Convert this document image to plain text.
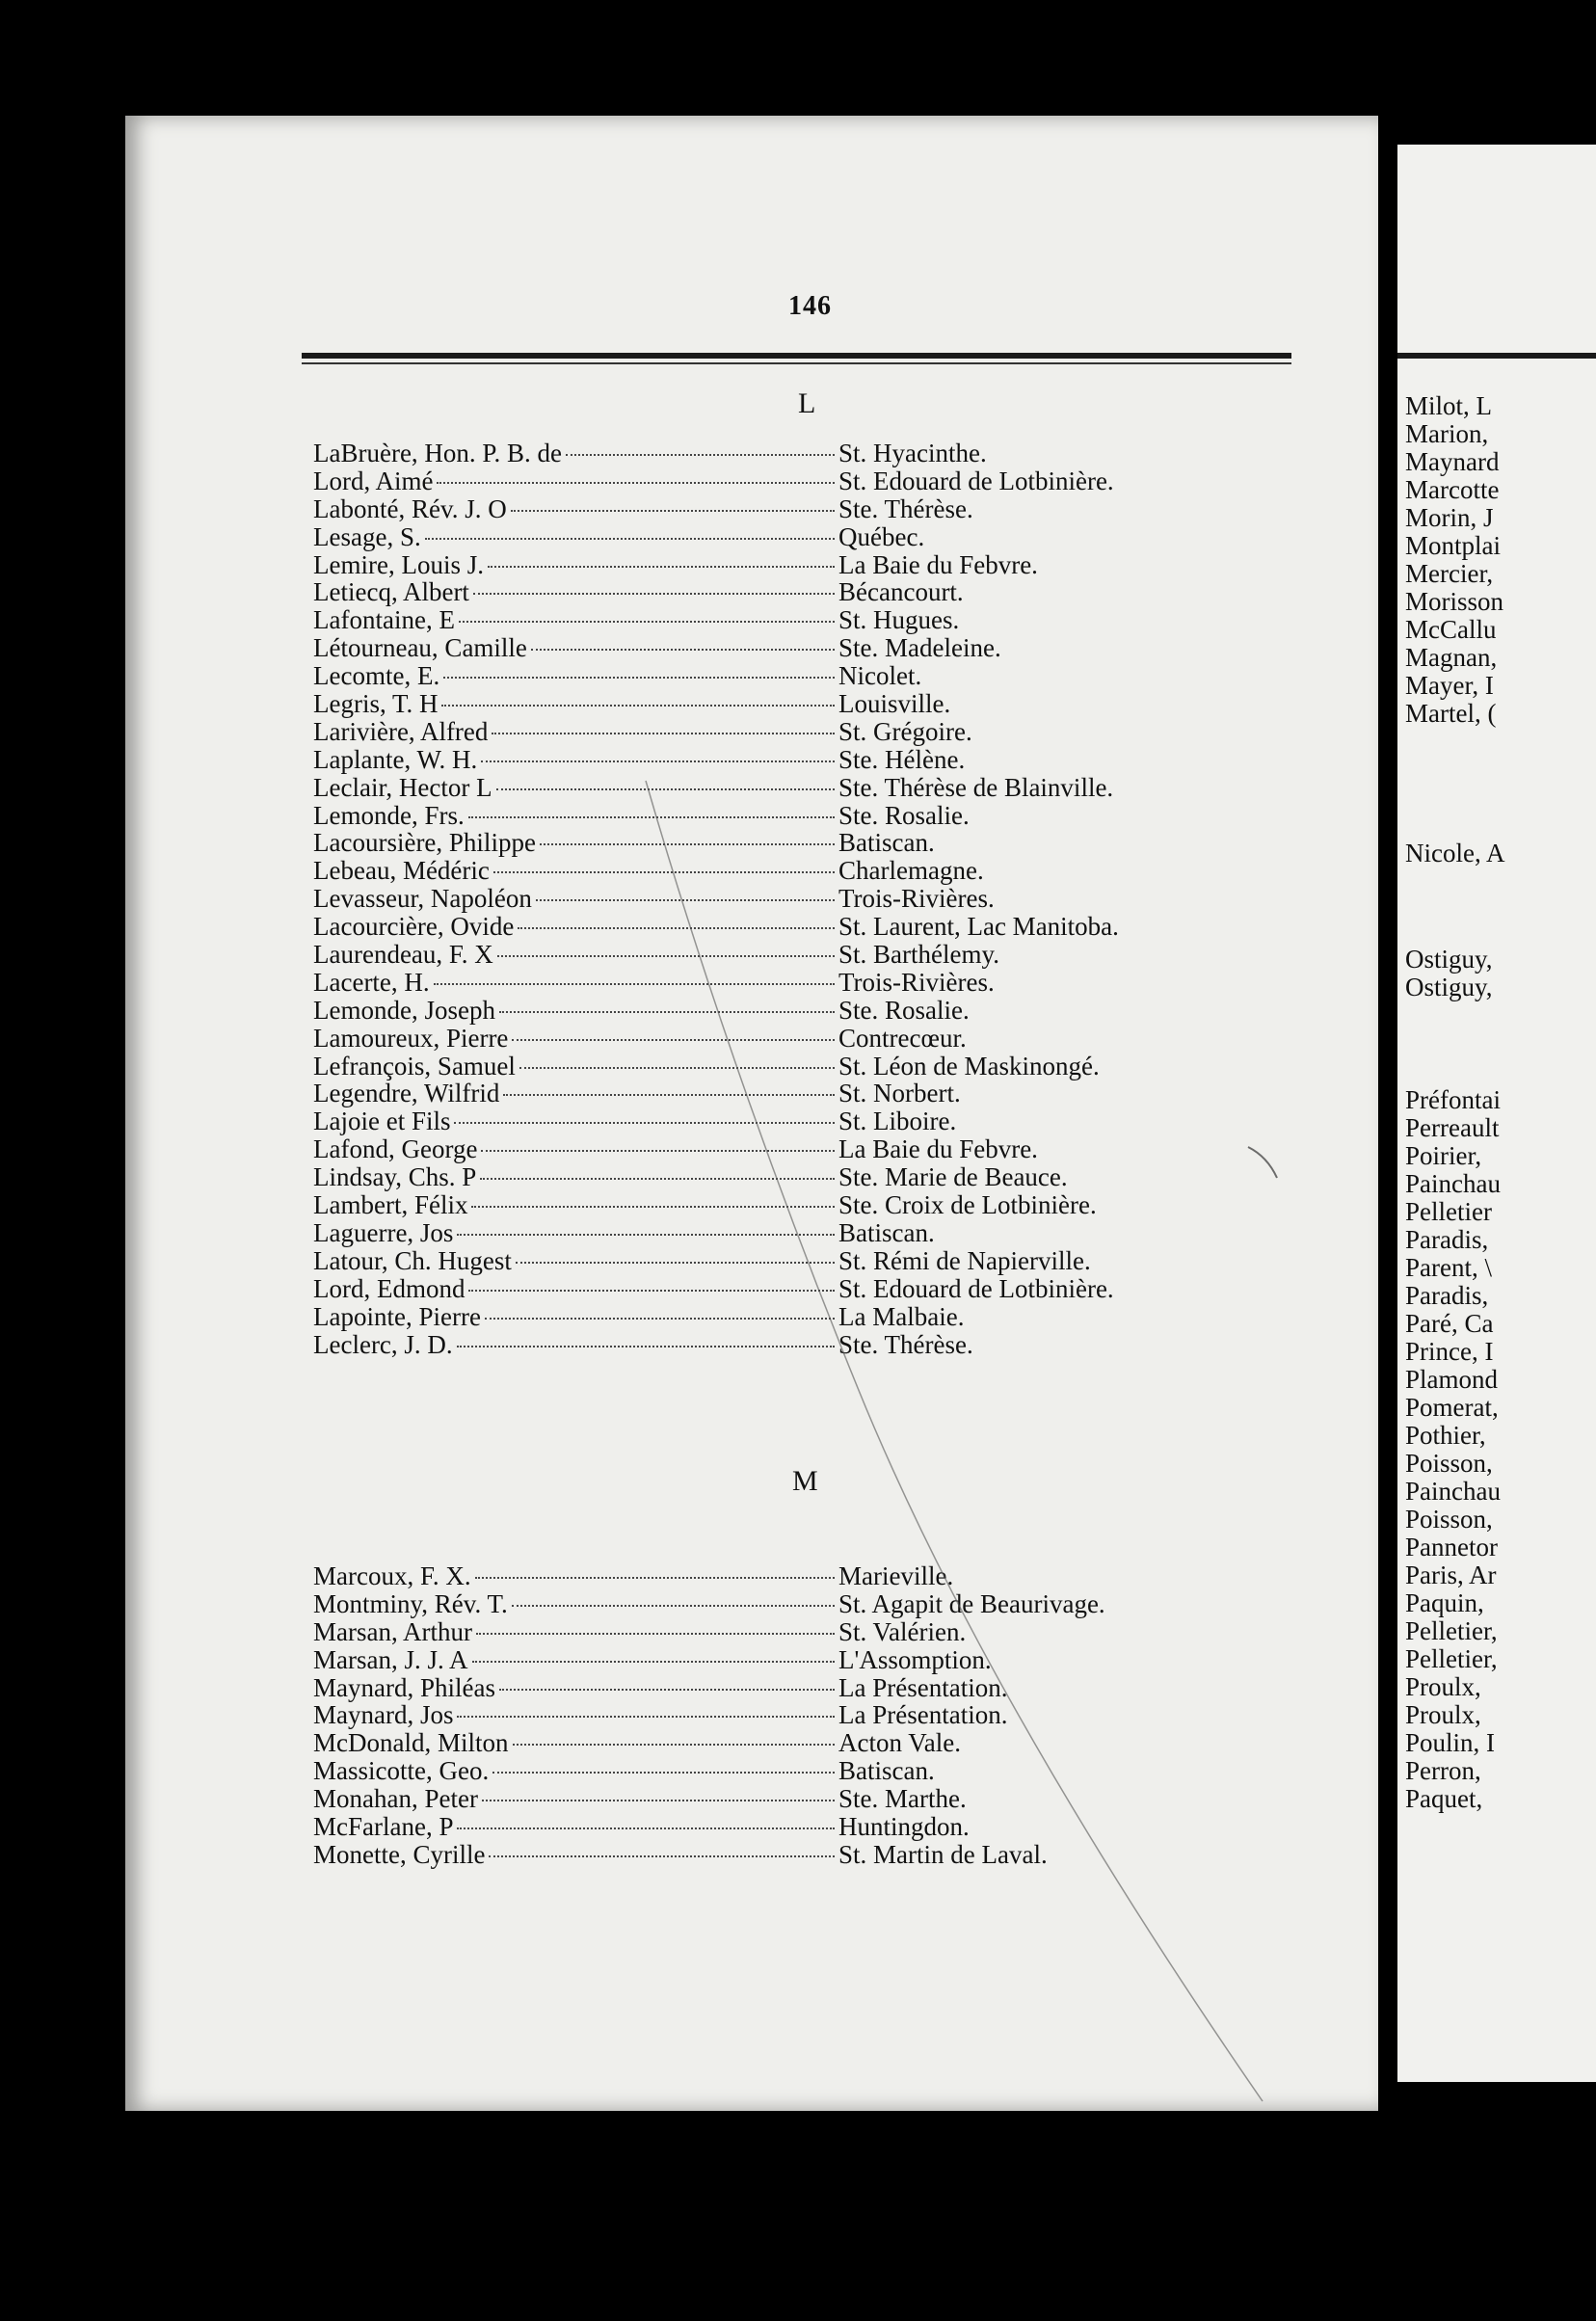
146
L
LaBruère, Hon. P. B. de	St. Hyacinthe.
Lord, Aimé	St. Edouard de Lotbinière.
Labonté, Rév. J. O	Ste. Thérèse.
Lesage, S.	Québec.
Lemire, Louis J.	La Baie du Febvre.
Letiecq, Albert	Bécancourt.
Lafontaine, E	St. Hugues.
Létourneau, Camille	Ste. Madeleine.
Lecomte, E.	Nicolet.
Legris, T. H	Louisville.
Larivière, Alfred	St. Grégoire.
Laplante, W. H.	Ste. Hélène.
Leclair, Hector L	Ste. Thérèse de Blainville.
Lemonde, Frs.	Ste. Rosalie.
Lacoursière, Philippe	Batiscan.
Lebeau, Médéric	Charlemagne.
Levasseur, Napoléon	Trois-Rivières.
Lacourcière, Ovide	St. Laurent, Lac Manitoba.
Laurendeau, F. X	St. Barthélemy.
Lacerte, H.	Trois-Rivières.
Lemonde, Joseph	Ste. Rosalie.
Lamoureux, Pierre	Contrecœur.
Lefrançois, Samuel	St. Léon de Maskinongé.
Legendre, Wilfrid	St. Norbert.
Lajoie et Fils	St. Liboire.
Lafond, George	La Baie du Febvre.
Lindsay, Chs. P	Ste. Marie de Beauce.
Lambert, Félix	Ste. Croix de Lotbinière.
Laguerre, Jos	Batiscan.
Latour, Ch. Hugest	St. Rémi de Napierville.
Lord, Edmond	St. Edouard de Lotbinière.
Lapointe, Pierre	La Malbaie.
Leclerc, J. D.	Ste. Thérèse.
M
Marcoux, F. X.	Marieville.
Montminy, Rév. T.	St. Agapit de Beaurivage.
Marsan, Arthur	St. Valérien.
Marsan, J. J. A	L'Assomption.
Maynard, Philéas	La Présentation.
Maynard, Jos	La Présentation.
McDonald, Milton	Acton Vale.
Massicotte, Geo.	Batiscan.
Monahan, Peter	Ste. Marthe.
McFarlane, P	Huntingdon.
Monette, Cyrille	St. Martin de Laval.
Milot, L
Marion,
Maynard
Marcotte
Morin, J
Montplai
Mercier,
Morisson
McCallu
Magnan,
Mayer, I
Martel, (
Nicole, A
Ostiguy,
Ostiguy,
Préfontai
Perreault
Poirier,
Painchau
Pelletier
Paradis,
Parent, \
Paradis,
Paré, Ca
Prince, I
Plamond
Pomerat,
Pothier,
Poisson,
Painchau
Poisson,
Pannetor
Paris, Ar
Paquin,
Pelletier,
Pelletier,
Proulx,
Proulx,
Poulin, I
Perron,
Paquet,
